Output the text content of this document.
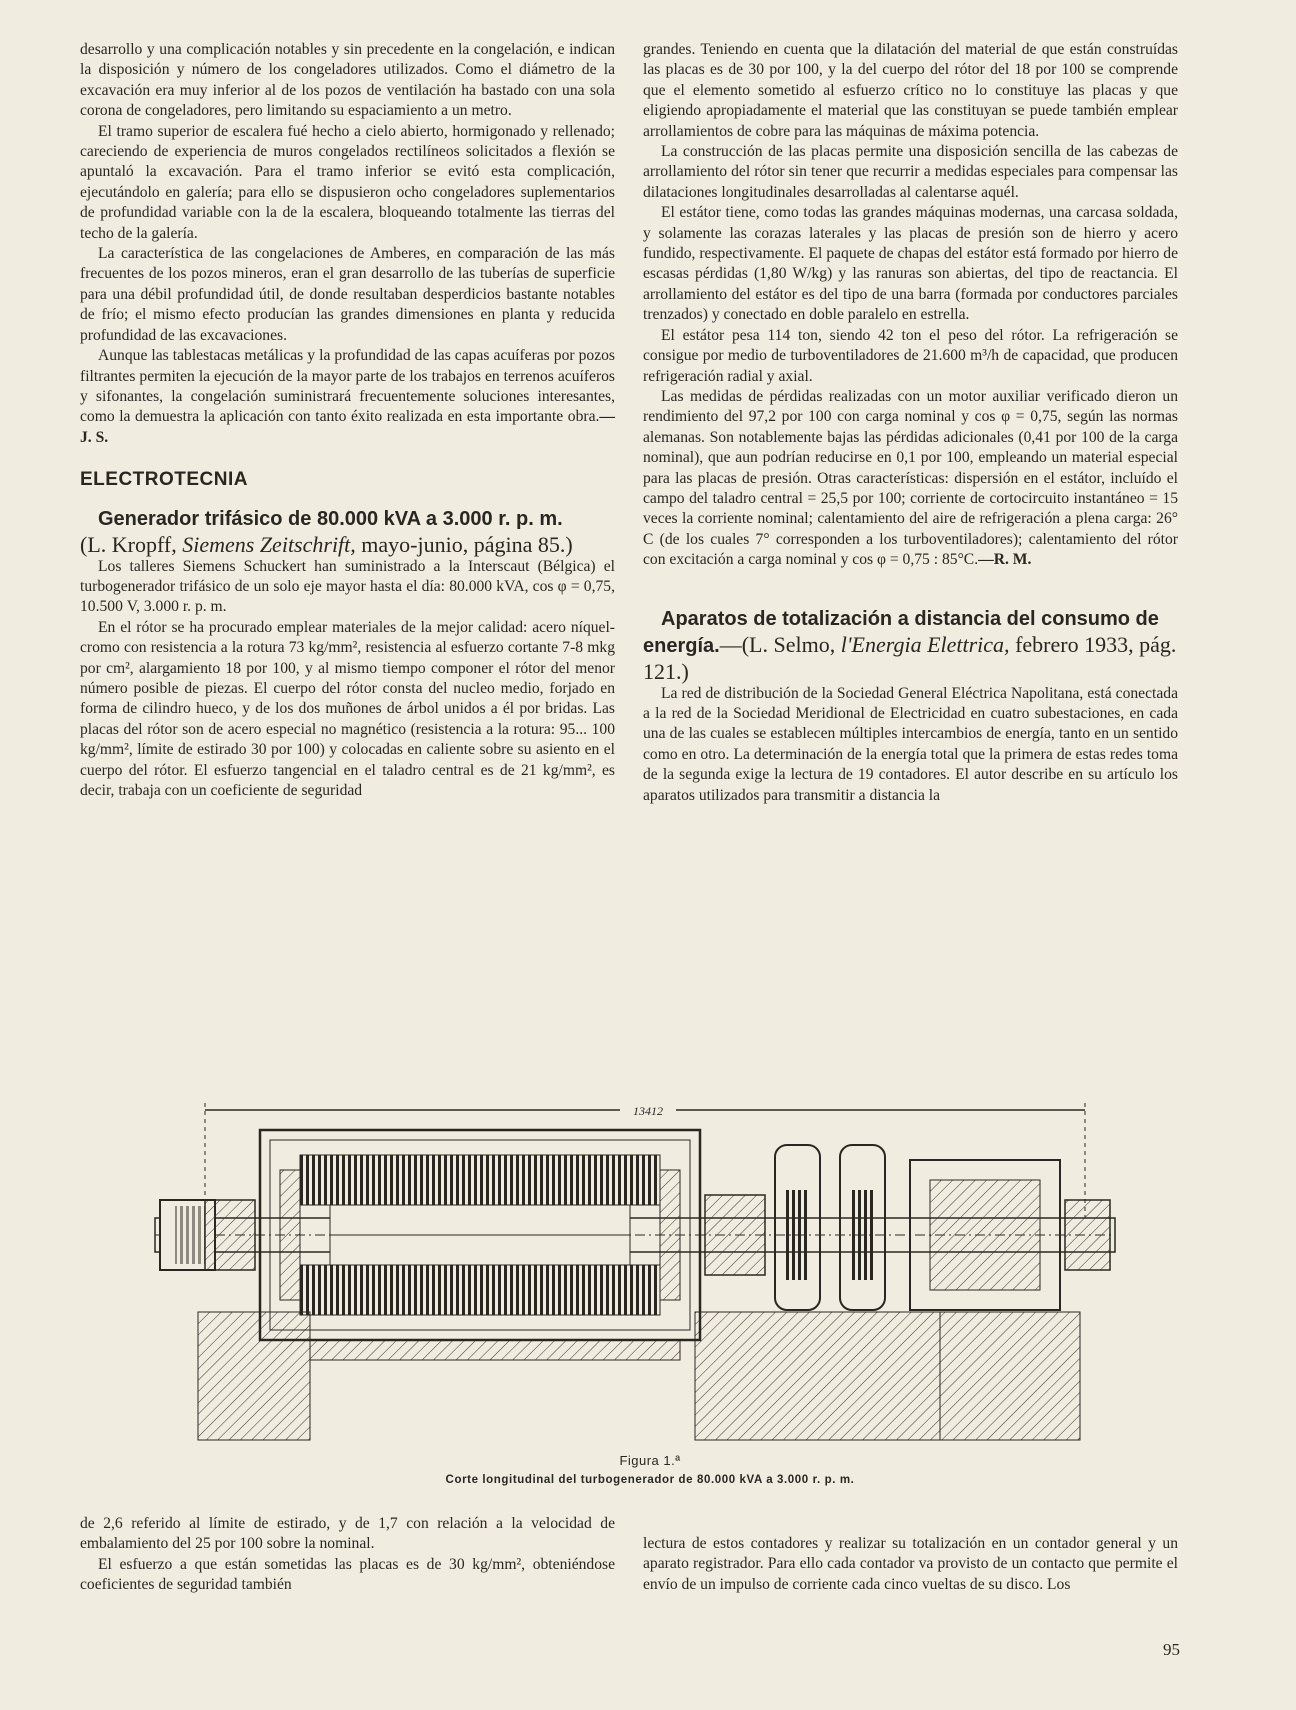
desarrollo y una complicación notables y sin precedente en la congelación, e indican la disposición y número de los congeladores utilizados. Como el diámetro de la excavación era muy inferior al de los pozos de ventilación ha bastado con una sola corona de congeladores, pero limitando su espaciamiento a un metro.

El tramo superior de escalera fué hecho a cielo abierto, hormigonado y rellenado; careciendo de experiencia de muros congelados rectilíneos solicitados a flexión se apuntaló la excavación. Para el tramo inferior se evitó esta complicación, ejecutándolo en galería; para ello se dispusieron ocho congeladores suplementarios de profundidad variable con la de la escalera, bloqueando totalmente las tierras del techo de la galería.

La característica de las congelaciones de Amberes, en comparación de las más frecuentes de los pozos mineros, eran el gran desarrollo de las tuberías de superficie para una débil profundidad útil, de donde resultaban desperdicios bastante notables de frío; el mismo efecto producían las grandes dimensiones en planta y reducida profundidad de las excavaciones.

Aunque las tablestacas metálicas y la profundidad de las capas acuíferas por pozos filtrantes permiten la ejecución de la mayor parte de los trabajos en terrenos acuíferos y sifonantes, la congelación suministrará frecuentemente soluciones interesantes, como la demuestra la aplicación con tanto éxito realizada en esta importante obra.—J. S.

ELECTROTECNIA

Generador trifásico de 80.000 kVA a 3.000 r. p. m.
(L. Kropff, Siemens Zeitschrift, mayo-junio, página 85.)

Los talleres Siemens Schuckert han suministrado a la Interscaut (Bélgica) el turbogenerador trifásico de un solo eje mayor hasta el día: 80.000 kVA, cos φ = 0,75, 10.500 V, 3.000 r. p. m.

En el rótor se ha procurado emplear materiales de la mejor calidad: acero níquel-cromo con resistencia a la rotura 73 kg/mm², resistencia al esfuerzo cortante 7-8 mkg por cm², alargamiento 18 por 100, y al mismo tiempo componer el rótor del menor número posible de piezas. El cuerpo del rótor consta del nucleo medio, forjado en forma de cilindro hueco, y de los dos muñones de árbol unidos a él por bridas. Las placas del rótor son de acero especial no magnético (resistencia a la rotura: 95... 100 kg/mm², límite de estirado 30 por 100) y colocadas en caliente sobre su asiento en el cuerpo del rótor. El esfuerzo tangencial en el taladro central es de 21 kg/mm², es decir, trabaja con un coeficiente de seguridad

grandes. Teniendo en cuenta que la dilatación del material de que están construídas las placas es de 30 por 100, y la del cuerpo del rótor del 18 por 100 se comprende que el elemento sometido al esfuerzo crítico no lo constituye las placas y que eligiendo apropiadamente el material que las constituyan se puede también emplear arrollamientos de cobre para las máquinas de máxima potencia.

La construcción de las placas permite una disposición sencilla de las cabezas de arrollamiento del rótor sin tener que recurrir a medidas especiales para compensar las dilataciones longitudinales desarrolladas al calentarse aquél.

El estátor tiene, como todas las grandes máquinas modernas, una carcasa soldada, y solamente las corazas laterales y las placas de presión son de hierro y acero fundido, respectivamente. El paquete de chapas del estátor está formado por hierro de escasas pérdidas (1,80 W/kg) y las ranuras son abiertas, del tipo de reactancia. El arrollamiento del estátor es del tipo de una barra (formada por conductores parciales trenzados) y conectado en doble paralelo en estrella.

El estátor pesa 114 ton, siendo 42 ton el peso del rótor. La refrigeración se consigue por medio de turboventiladores de 21.600 m³/h de capacidad, que producen refrigeración radial y axial.

Las medidas de pérdidas realizadas con un motor auxiliar verificado dieron un rendimiento del 97,2 por 100 con carga nominal y cos φ = 0,75, según las normas alemanas. Son notablemente bajas las pérdidas adicionales (0,41 por 100 de la carga nominal), que aun podrían reducirse en 0,1 por 100, empleando un material especial para las placas de presión. Otras características: dispersión en el estátor, incluído el campo del taladro central = 25,5 por 100; corriente de cortocircuito instantáneo = 15 veces la corriente nominal; calentamiento del aire de refrigeración a plena carga: 26° C (de los cuales 7° corresponden a los turboventiladores); calentamiento del rótor con excitación a carga nominal y cos φ = 0,75 : 85°C.—R. M.

Aparatos de totalización a distancia del consumo de energía.—(L. Selmo, l'Energia Elettrica, febrero 1933, pág. 121.)

La red de distribución de la Sociedad General Eléctrica Napolitana, está conectada a la red de la Sociedad Meridional de Electricidad en cuatro subestaciones, en cada una de las cuales se establecen múltiples intercambios de energía, tanto en un sentido como en otro. La determinación de la energía total que la primera de estas redes toma de la segunda exige la lectura de 19 contadores. El autor describe en su artículo los aparatos utilizados para transmitir a distancia la

13412
Figura 1.ª
Corte longitudinal del turbogenerador de 80.000 kVA a 3.000 r. p. m.

de 2,6 referido al límite de estirado, y de 1,7 con relación a la velocidad de embalamiento del 25 por 100 sobre la nominal.

El esfuerzo a que están sometidas las placas es de 30 kg/mm², obteniéndose coeficientes de seguridad también

lectura de estos contadores y realizar su totalización en un contador general y un aparato registrador. Para ello cada contador va provisto de un contacto que permite el envío de un impulso de corriente cada cinco vueltas de su disco. Los

95
